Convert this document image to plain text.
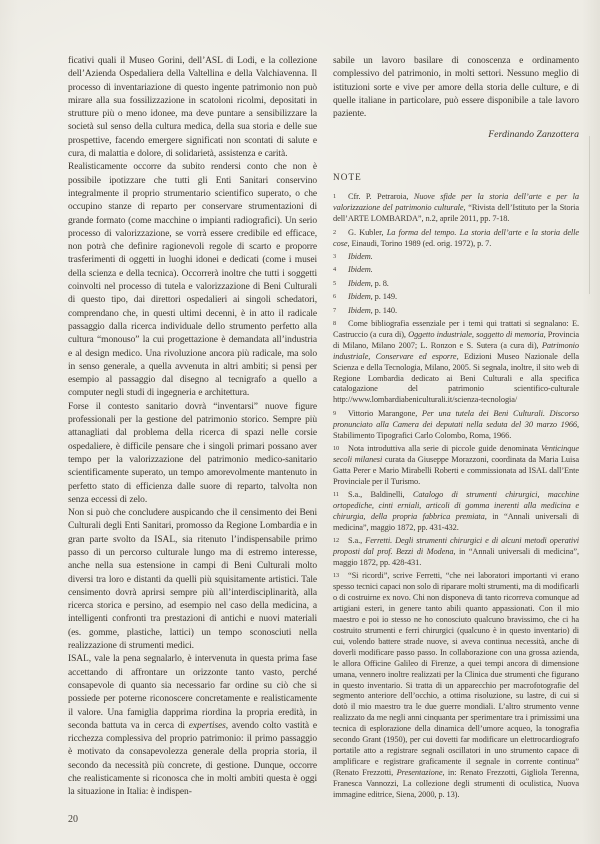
ficativi quali il Museo Gorini, dell’ASL di Lodi, e la collezione dell’Azienda Ospedaliera della Valtellina e della Valchiavenna. Il processo di inventariazione di questo ingente patrimonio non può mirare alla sua fossilizzazione in scatoloni ricolmi, depositati in strutture più o meno idonee, ma deve puntare a sensibilizzare la società sul senso della cultura medica, della sua storia e delle sue prospettive, facendo emergere significati non scontati di salute e cura, di malattia e dolore, di solidarietà, assistenza e carità.

Realisticamente occorre da subito rendersi conto che non è possibile ipotizzare che tutti gli Enti Sanitari conservino integralmente il proprio strumentario scientifico superato, o che occupino stanze di reparto per conservare strumentazioni di grande formato (come macchine o impianti radiografici). Un serio processo di valorizzazione, se vorrà essere credibile ed efficace, non potrà che definire ragionevoli regole di scarto e proporre trasferimenti di oggetti in luoghi idonei e dedicati (come i musei della scienza e della tecnica). Occorrerà inoltre che tutti i soggetti coinvolti nel processo di tutela e valorizzazione di Beni Culturali di questo tipo, dai direttori ospedalieri ai singoli schedatori, comprendano che, in questi ultimi decenni, è in atto il radicale passaggio dalla ricerca individuale dello strumento perfetto alla cultura “monouso” la cui progettazione è demandata all’industria e al design medico. Una rivoluzione ancora più radicale, ma solo in senso generale, a quella avvenuta in altri ambiti; si pensi per esempio al passaggio dal disegno al tecnigrafo a quello a computer negli studi di ingegneria e architettura.

Forse il contesto sanitario dovrà “inventarsi” nuove figure professionali per la gestione del patrimonio storico. Sempre più attanagliati dal problema della ricerca di spazi nelle corsie ospedaliere, è difficile pensare che i singoli primari possano aver tempo per la valorizzazione del patrimonio medico-sanitario scientificamente superato, un tempo amorevolmente mantenuto in perfetto stato di efficienza dalle suore di reparto, talvolta non senza eccessi di zelo.

Non si può che concludere auspicando che il censimento dei Beni Culturali degli Enti Sanitari, promosso da Regione Lombardia e in gran parte svolto da ISAL, sia ritenuto l’indispensabile primo passo di un percorso culturale lungo ma di estremo interesse, anche nella sua estensione in campi di Beni Culturali molto diversi tra loro e distanti da quelli più squisitamente artistici. Tale censimento dovrà aprirsi sempre più all’interdisciplinarità, alla ricerca storica e persino, ad esempio nel caso della medicina, a intelligenti confronti tra prestazioni di antichi e nuovi materiali (es. gomme, plastiche, lattici) un tempo sconosciuti nella realizzazione di strumenti medici.

ISAL, vale la pena segnalarlo, è intervenuta in questa prima fase accettando di affrontare un orizzonte tanto vasto, perché consapevole di quanto sia necessario far ordine su ciò che si possiede per poterne riconoscere concretamente e realisticamente il valore. Una famiglia dapprima riordina la propria eredità, in seconda battuta va in cerca di expertises, avendo colto vastità e ricchezza complessiva del proprio patrimonio: il primo passaggio è motivato da consapevolezza generale della propria storia, il secondo da necessità più concrete, di gestione. Dunque, occorre che realisticamente si riconosca che in molti ambiti questa è oggi la situazione in Italia: è indispen-

sabile un lavoro basilare di conoscenza e ordinamento complessivo del patrimonio, in molti settori. Nessuno meglio di istituzioni sorte e vive per amore della storia delle culture, e di quelle italiane in particolare, può essere disponibile a tale lavoro paziente.

Ferdinando Zanzottera
NOTE

$^1$ Cfr. P. Petraroia, Nuove sfide per la storia dell’arte e per la valorizzazione del patrimonio culturale, “Rivista dell’Istituto per la Storia dell’ARTE LOMBARDA”, n.2, aprile 2011, pp. 7-18.

$^2$ G. Kubler, La forma del tempo. La storia dell’arte e la storia delle cose, Einaudi, Torino 1989 (ed. orig. 1972), p. 7.

$^3$ Ibidem.

$^4$ Ibidem.

$^5$ Ibidem, p. 8.

$^6$ Ibidem, p. 149.

$^7$ Ibidem, p. 140.

$^8$ Come bibliografia essenziale per i temi qui trattati si segnalano: E. Castruccio (a cura di), Oggetto industriale, soggetto di memoria, Provincia di Milano, Milano 2007; L. Ronzon e S. Sutera (a cura di), Patrimonio industriale, Conservare ed esporre, Edizioni Museo Nazionale della Scienza e della Tecnologia, Milano, 2005. Si segnala, inoltre, il sito web di Regione Lombardia dedicato ai Beni Culturali e alla specifica catalogazione del patrimonio scientifico-culturale http://www.lombardiabeniculturali.it/scienza-tecnologia/

$^9$ Vittorio Marangone, Per una tutela dei Beni Culturali. Discorso pronunciato alla Camera dei deputati nella seduta del 30 marzo 1966, Stabilimento Tipografici Carlo Colombo, Roma, 1966.

$^{10}$ Nota introduttiva alla serie di piccole guide denominata Venticinque secoli milanesi curata da Giuseppe Morazzoni, coordinata da Maria Luisa Gatta Perer e Mario Mirabelli Roberti e commissionata ad ISAL dall’Ente Provinciale per il Turismo.

$^{11}$ S.a., Baldinelli, Catalogo di strumenti chirurgici, macchine ortopediche, cinti erniali, articoli di gomma inerenti alla medicina e chirurgia, della propria fabbrica premiata, in “Annali universali di medicina”, maggio 1872, pp. 431-432.

$^{12}$ S.a., Ferretti. Degli strumenti chirurgici e di alcuni metodi operativi proposti dal prof. Bezzi di Modena, in “Annali universali di medicina”, maggio 1872, pp. 428-431.

$^{13}$ “Si ricordi”, scrive Ferretti, “che nei laboratori importanti vi erano spesso tecnici capaci non solo di riparare molti strumenti, ma di modificarli o di costruirne ex novo. Chi non disponeva di tanto ricorreva comunque ad artigiani esteri, in genere tanto abili quanto appassionati. Con il mio maestro e poi io stesso ne ho conosciuto qualcuno bravissimo, che ci ha costruito strumenti e ferri chirurgici (qualcuno è in questo inventario) di cui, volendo battere strade nuove, si aveva continua necessità, anche di doverli modificare passo passo. In collaborazione con una grossa azienda, le allora Officine Galileo di Firenze, a quei tempi ancora di dimensione umana, vennero inoltre realizzati per la Clinica due strumenti che figurano in questo inventario. Si tratta di un apparecchio per macrofotografie del segmento anteriore dell’occhio, a ottima risoluzione, su lastre, di cui si dotò il mio maestro tra le due guerre mondiali. L’altro strumento venne realizzato da me negli anni cinquanta per sperimentare tra i primissimi una tecnica di esplorazione della dinamica dell’umore acqueo, la tonografia secondo Grant (1950), per cui dovetti far modificare un elettrocardiografo portatile atto a registrare segnali oscillatori in uno strumento capace di amplificare e registrare graficamente il segnale in corrente continua” (Renato Frezzotti, Presentazione, in: Renato Frezzotti, Gigliola Terenna, Franesca Vannozzi, La collezione degli strumenti di oculistica, Nuova immagine editrice, Siena, 2000, p. 13).

20
